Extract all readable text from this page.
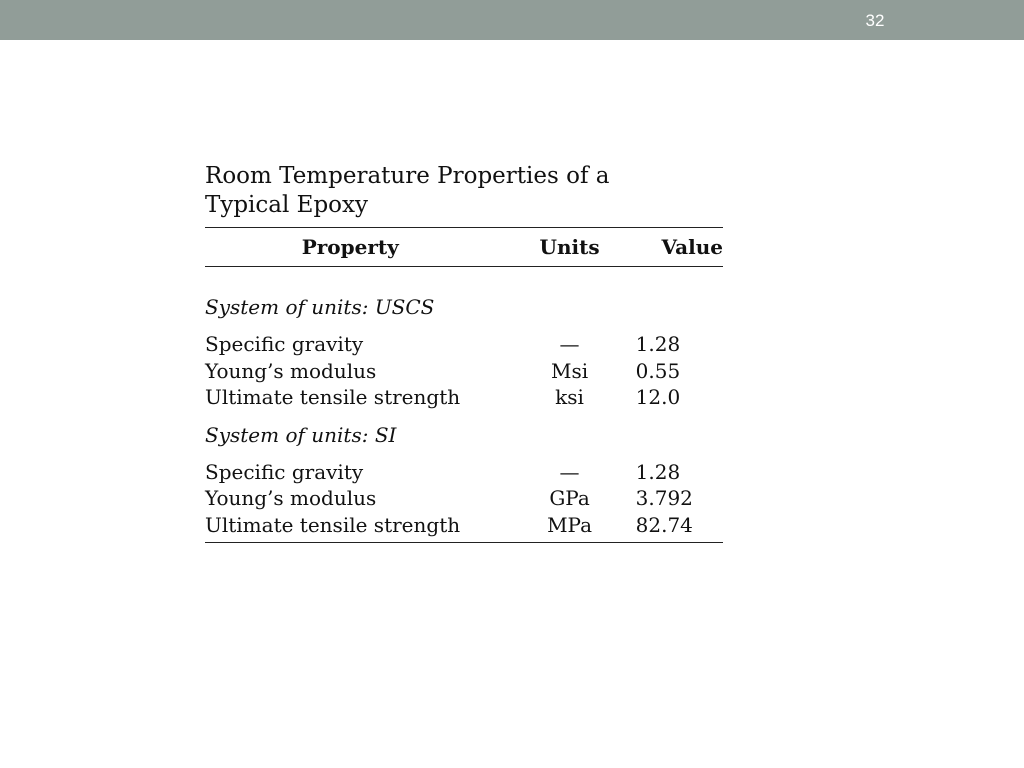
32
Room Temperature Properties of a
Typical Epoxy
Property	Units	Value

System of units: USCS		

Specific gravity	—	1.28
Young’s modulus	Msi	0.55
Ultimate tensile strength	ksi	12.0

System of units: SI		

Specific gravity	—	1.28
Young’s modulus	GPa	3.792
Ultimate tensile strength	MPa	82.74
